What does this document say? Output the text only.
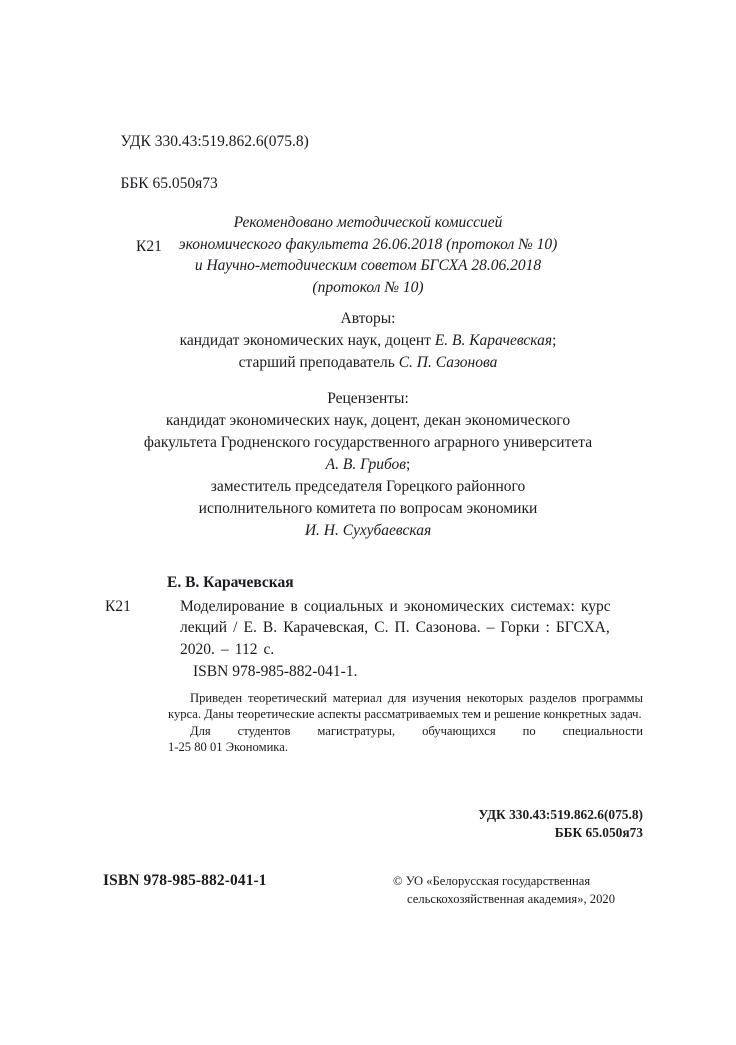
УДК 330.43:519.862.6(075.8)

ББК 65.050я73

К21

Рекомендовано методической комиссией
экономического факультета 26.06.2018 (протокол № 10)
и Научно-методическим советом БГСХА 28.06.2018
(протокол № 10)
Авторы:
кандидат экономических наук, доцент Е. В. Карачевская;
старший преподаватель С. П. Сазонова
Рецензенты:
кандидат экономических наук, доцент, декан экономического
факультета Гродненского государственного аграрного университета
А. В. Грибов;
заместитель председателя Горецкого районного
исполнительного комитета по вопросам экономики
И. Н. Сухубаевская
Е. В. Карачевская
К21	Моделирование в социальных и экономических системах: курс лекций / Е. В. Карачевская, С. П. Сазонова. – Горки : БГСХА, 2020. – 112 с.
ISBN 978-985-882-041-1.

Приведен теоретический материал для изучения некоторых разделов программы курса. Даны теоретические аспекты рассматриваемых тем и решение конкретных задач.

Для студентов магистратуры, обучающихся по специальности
1-25 80 01 Экономика.

УДК 330.43:519.862.6(075.8)
ББК 65.050я73
ISBN 978-985-882-041-1	© УО «Белорусская государственная
сельскохозяйственная академия», 2020
